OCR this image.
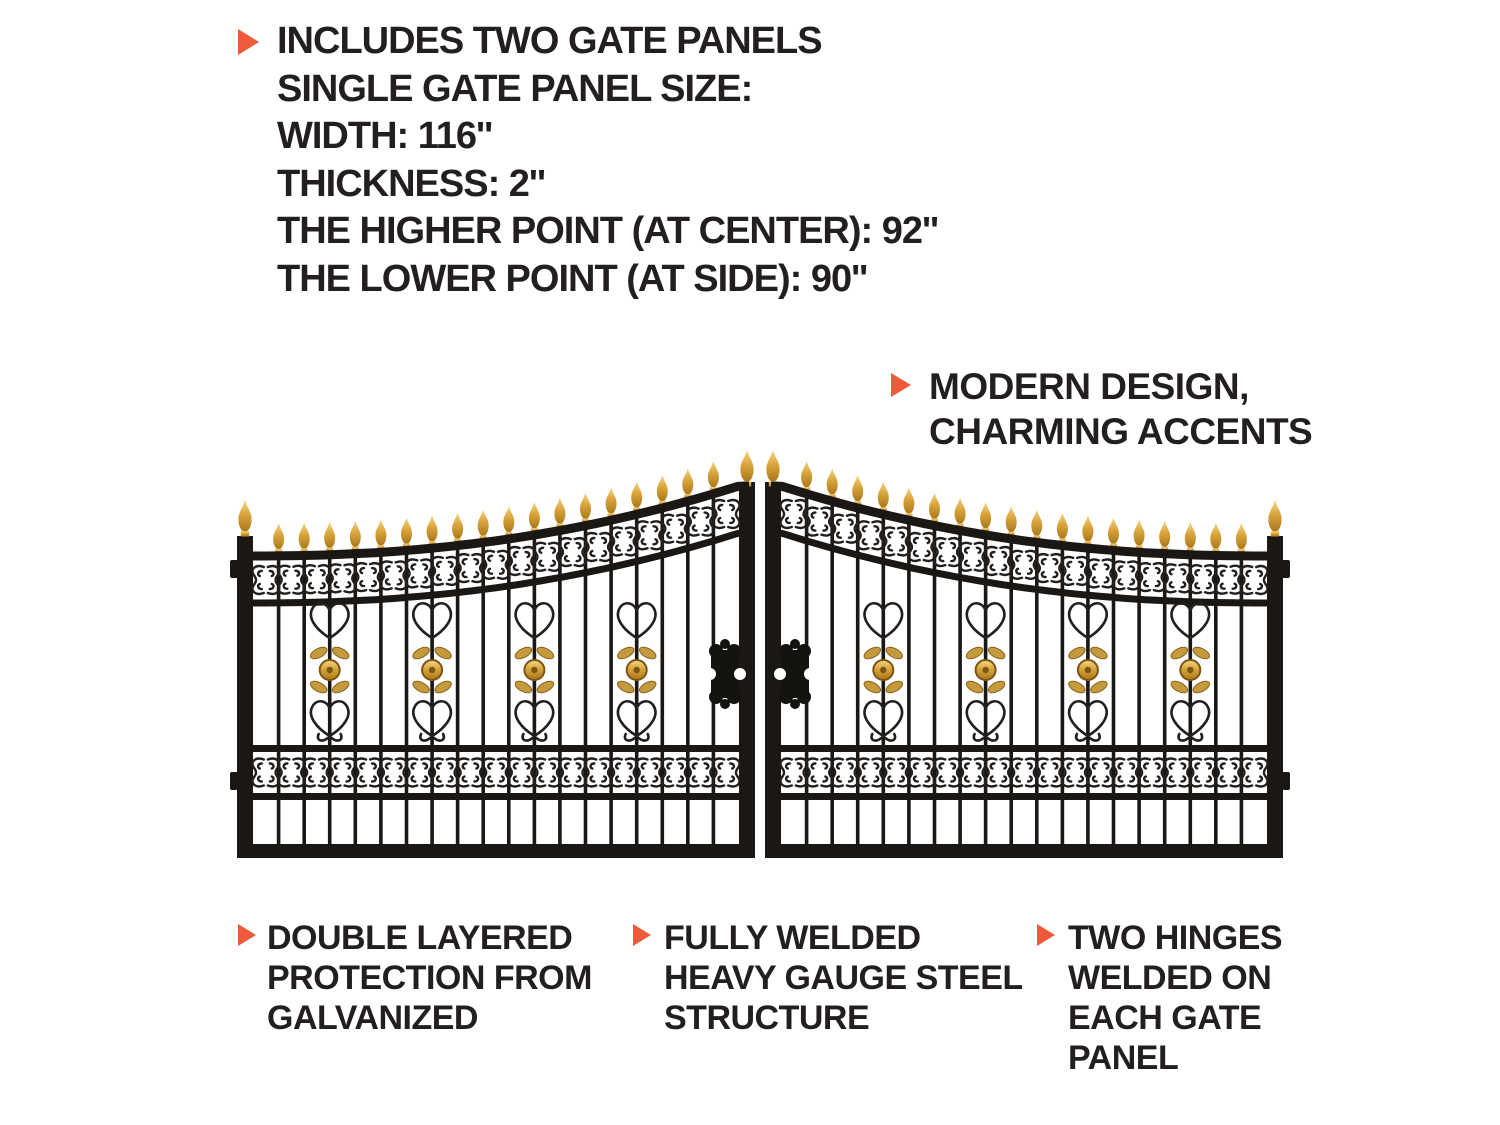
INCLUDES TWO GATE PANELS
SINGLE GATE PANEL SIZE:
WIDTH: 116''
THICKNESS: 2''
THE HIGHER POINT (AT CENTER): 92''
THE LOWER POINT (AT SIDE): 90''
MODERN DESIGN,
CHARMING ACCENTS
DOUBLE LAYERED
PROTECTION FROM
GALVANIZED
FULLY WELDED
HEAVY GAUGE STEEL
STRUCTURE
TWO HINGES
WELDED ON
EACH GATE
PANEL
